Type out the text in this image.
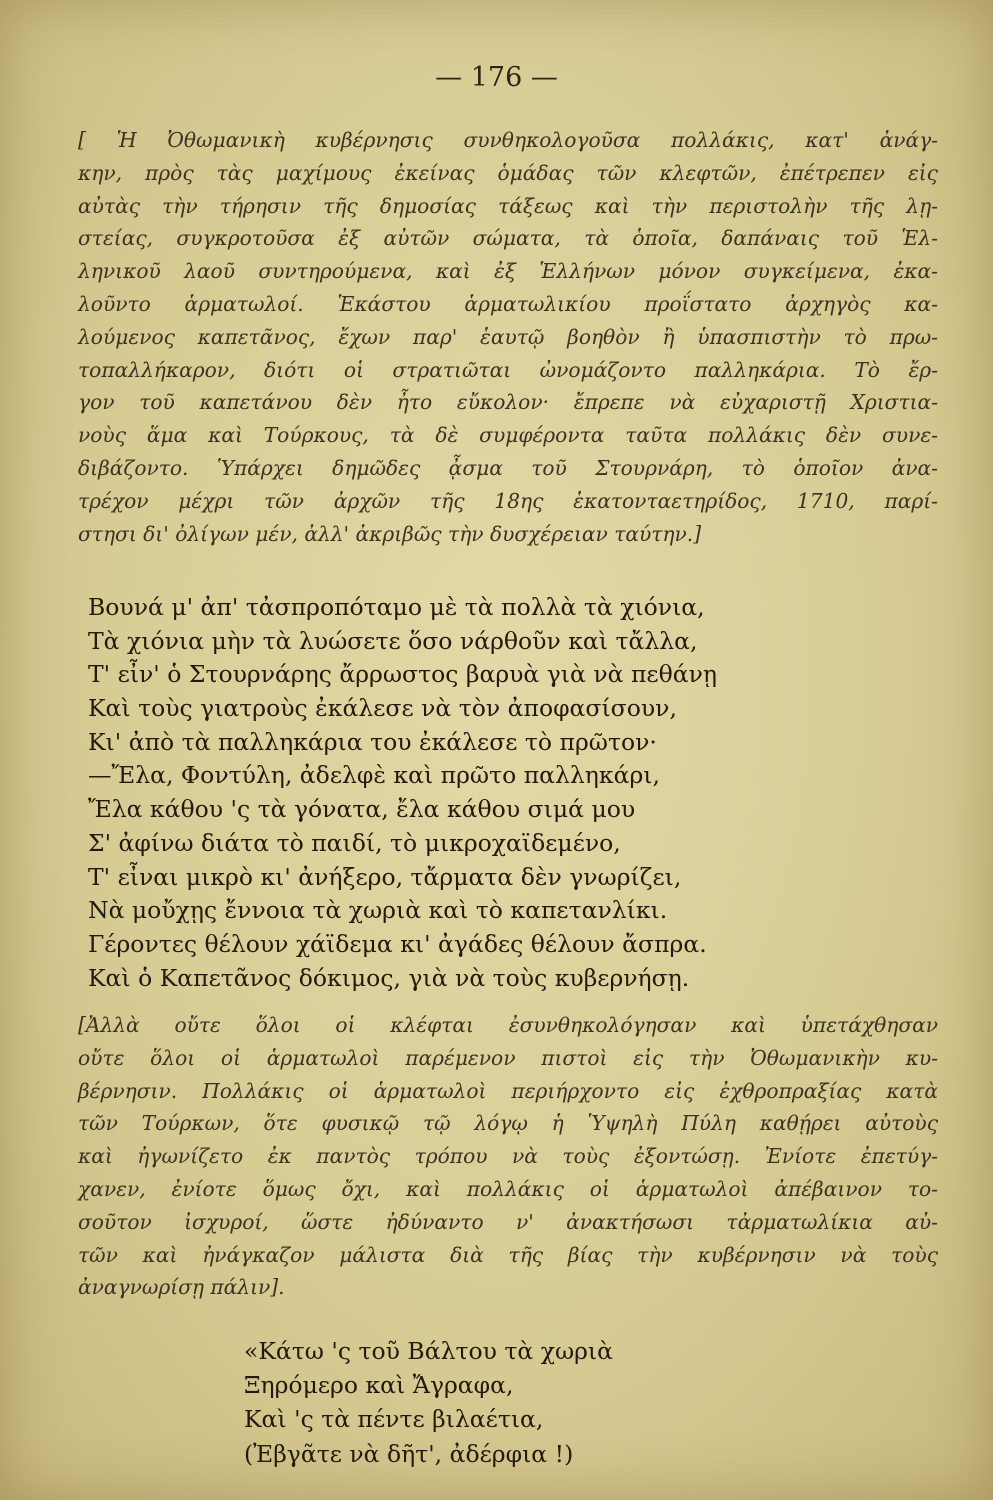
— 176 —
[ Ἡ Ὀθωμανικὴ κυβέρνησις συνθηκολογοῦσα πολλάκις, κατ' ἀνάγ-
κην, πρὸς τὰς μαχίμους ἐκείνας ὁμάδας τῶν κλεφτῶν, ἐπέτρεπεν εἰς
αὐτὰς τὴν τήρησιν τῆς δημοσίας τάξεως καὶ τὴν περιστολὴν τῆς λῃ-
στείας, συγκροτοῦσα ἐξ αὐτῶν σώματα, τὰ ὁποῖα, δαπάναις τοῦ Ἑλ-
ληνικοῦ λαοῦ συντηρούμενα, καὶ ἐξ Ἑλλήνων μόνον συγκείμενα, ἐκα-
λοῦντο ἁρματωλοί. Ἑκάστου ἁρματωλικίου προΐστατο ἀρχηγὸς κα-
λούμενος καπετᾶνος, ἔχων παρ' ἑαυτῷ βοηθὸν ἢ ὑπασπιστὴν τὸ πρω-
τοπαλλήκαρον, διότι οἱ στρατιῶται ὠνομάζοντο παλληκάρια. Τὸ ἔρ-
γον τοῦ καπετάνου δὲν ἦτο εὔκολον· ἔπρεπε νὰ εὐχαριστῇ Χριστια-
νοὺς ἅμα καὶ Τούρκους, τὰ δὲ συμφέροντα ταῦτα πολλάκις δὲν συνε-
διβάζοντο. Ὑπάρχει δημῶδες ᾆσμα τοῦ Στουρνάρη, τὸ ὁποῖον ἀνα-
τρέχον μέχρι τῶν ἀρχῶν τῆς 18ης ἑκατονταετηρίδος, 1710, παρί-
στησι δι' ὀλίγων μέν, ἀλλ' ἀκριβῶς τὴν δυσχέρειαν ταύτην.]
Βουνά μ' ἀπ' τἀσπροπόταμο μὲ τὰ πολλὰ τὰ χιόνια,
Τὰ χιόνια μὴν τὰ λυώσετε ὅσο νάρθοῦν καὶ τἄλλα,
Τ' εἶν' ὁ Στουρνάρης ἄρρωστος βαρυὰ γιὰ νὰ πεθάνῃ
Καὶ τοὺς γιατροὺς ἐκάλεσε νὰ τὸν ἀποφασίσουν,
Κι' ἀπὸ τὰ παλληκάρια του ἐκάλεσε τὸ πρῶτον·
—Ἔλα, Φοντύλη, ἀδελφὲ καὶ πρῶτο παλληκάρι,
Ἔλα κάθου 'ς τὰ γόνατα, ἔλα κάθου σιμά μου
Σ' ἀφίνω διάτα τὸ παιδί, τὸ μικροχαϊδεμένο,
Τ' εἶναι μικρὸ κι' ἀνήξερο, τἄρματα δὲν γνωρίζει,
Νὰ μοὔχῃς ἔννοια τὰ χωριὰ καὶ τὸ καπετανλίκι.
Γέροντες θέλουν χάϊδεμα κι' ἀγάδες θέλουν ἄσπρα.
Καὶ ὁ Καπετᾶνος δόκιμος, γιὰ νὰ τοὺς κυβερνήσῃ.
[Ἀλλὰ οὔτε ὅλοι οἱ κλέφται ἐσυνθηκολόγησαν καὶ ὑπετάχθησαν
οὔτε ὅλοι οἱ ἁρματωλοὶ παρέμενον πιστοὶ εἰς τὴν Ὀθωμανικὴν κυ-
βέρνησιν. Πολλάκις οἱ ἁρματωλοὶ περιήρχοντο εἰς ἐχθροπραξίας κατὰ
τῶν Τούρκων, ὅτε φυσικῷ τῷ λόγῳ ἡ Ὑψηλὴ Πύλη καθῄρει αὐτοὺς
καὶ ἠγωνίζετο ἐκ παντὸς τρόπου νὰ τοὺς ἐξοντώσῃ. Ἐνίοτε ἐπετύγ-
χανεν, ἐνίοτε ὅμως ὄχι, καὶ πολλάκις οἱ ἁρματωλοὶ ἀπέβαινον το-
σοῦτον ἰσχυροί, ὥστε ἠδύναντο ν' ἀνακτήσωσι τἀρματωλίκια αὐ-
τῶν καὶ ἠνάγκαζον μάλιστα διὰ τῆς βίας τὴν κυβέρνησιν νὰ τοὺς
ἀναγνωρίσῃ πάλιν].
«Κάτω 'ς τοῦ Βάλτου τὰ χωριὰ
Ξηρόμερο καὶ Ἄγραφα,
Καὶ 'ς τὰ πέντε βιλαέτια,
(Ἐβγᾶτε νὰ δῆτ', ἀδέρφια !)
